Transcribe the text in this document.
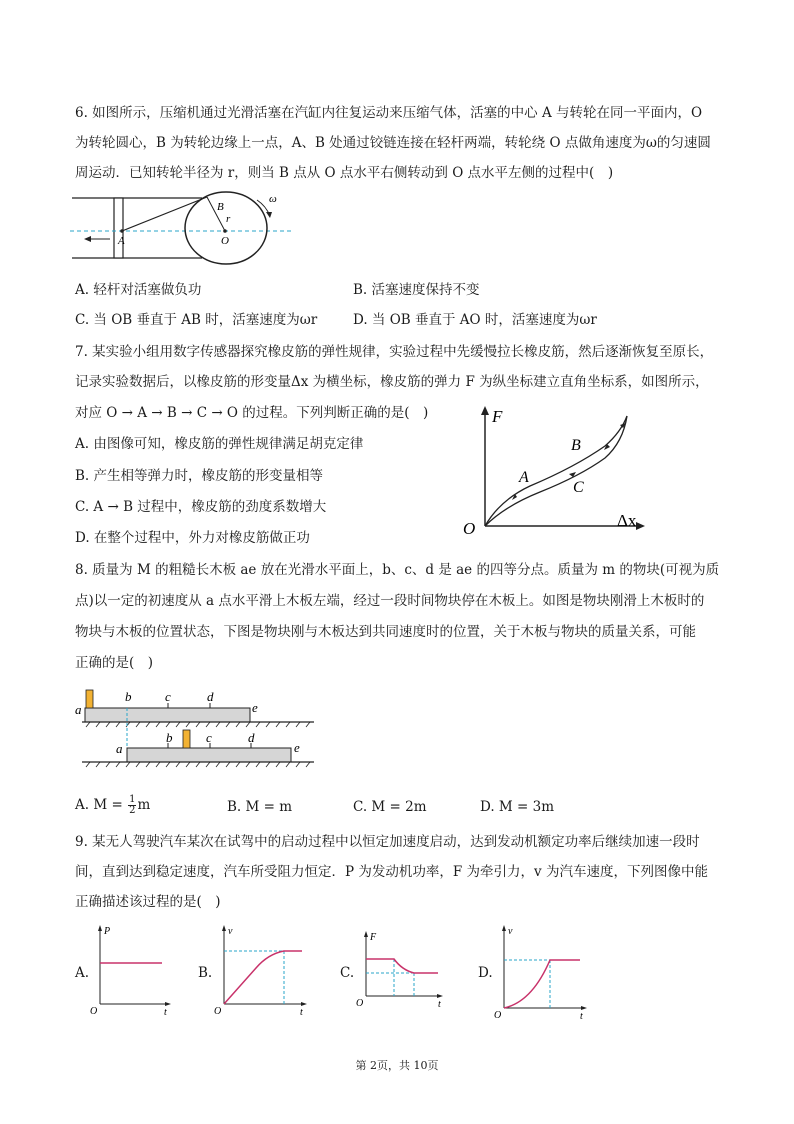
6. 如图所示，压缩机通过光滑活塞在汽缸内往复运动来压缩气体，活塞的中心 A 与转轮在同一平面内，O
为转轮圆心，B 为转轮边缘上一点，A、B 处通过铰链连接在轻杆两端，转轮绕 O 点做角速度为ω的匀速圆
周运动．已知转轮半径为 r，则当 B 点从 O 点水平右侧转动到 O 点水平左侧的过程中(　)
A
B
r
O
ω
A. 轻杆对活塞做负功	B. 活塞速度保持不变
C. 当 OB 垂直于 AB 时，活塞速度为ωr	D. 当 OB 垂直于 AO 时，活塞速度为ωr
7. 某实验小组用数字传感器探究橡皮筋的弹性规律，实验过程中先缓慢拉长橡皮筋，然后逐渐恢复至原长，
记录实验数据后，以橡皮筋的形变量Δx 为横坐标，橡皮筋的弹力 F 为纵坐标建立直角坐标系，如图所示，
对应 O → A → B → C → O 的过程。下列判断正确的是(　)
A. 由图像可知，橡皮筋的弹性规律满足胡克定律
B. 产生相等弹力时，橡皮筋的形变量相等
C. A → B 过程中，橡皮筋的劲度系数增大
D. 在整个过程中，外力对橡皮筋做正功
F
Δx
O
A
B
C
8. 质量为 M 的粗糙长木板 ae 放在光滑水平面上，b、c、d 是 ae 的四等分点。质量为 m 的物块(可视为质
点)以一定的初速度从 a 点水平滑上木板左端，经过一段时间物块停在木板上。如图是物块刚滑上木板时的
物块与木板的位置状态，下图是物块刚与木板达到共同速度时的位置，关于木板与物块的质量关系，可能
正确的是(　)
a
b	c	d
e
a
b	c	d
e
A. $M = \frac{1}{2}$ m	B. M = m	C. M = 2m	D. M = 3m
9. 某无人驾驶汽车某次在试驾中的启动过程中以恒定加速度启动，达到发动机额定功率后继续加速一段时
间，直到达到稳定速度，汽车所受阻力恒定．P 为发动机功率，F 为牵引力，v 为汽车速度，下列图像中能
正确描述该过程的是(　)
A.
P
t
O
B.
v
t
O
C.
F
t
O
D.
v
t
O
第 2页，共 10页
